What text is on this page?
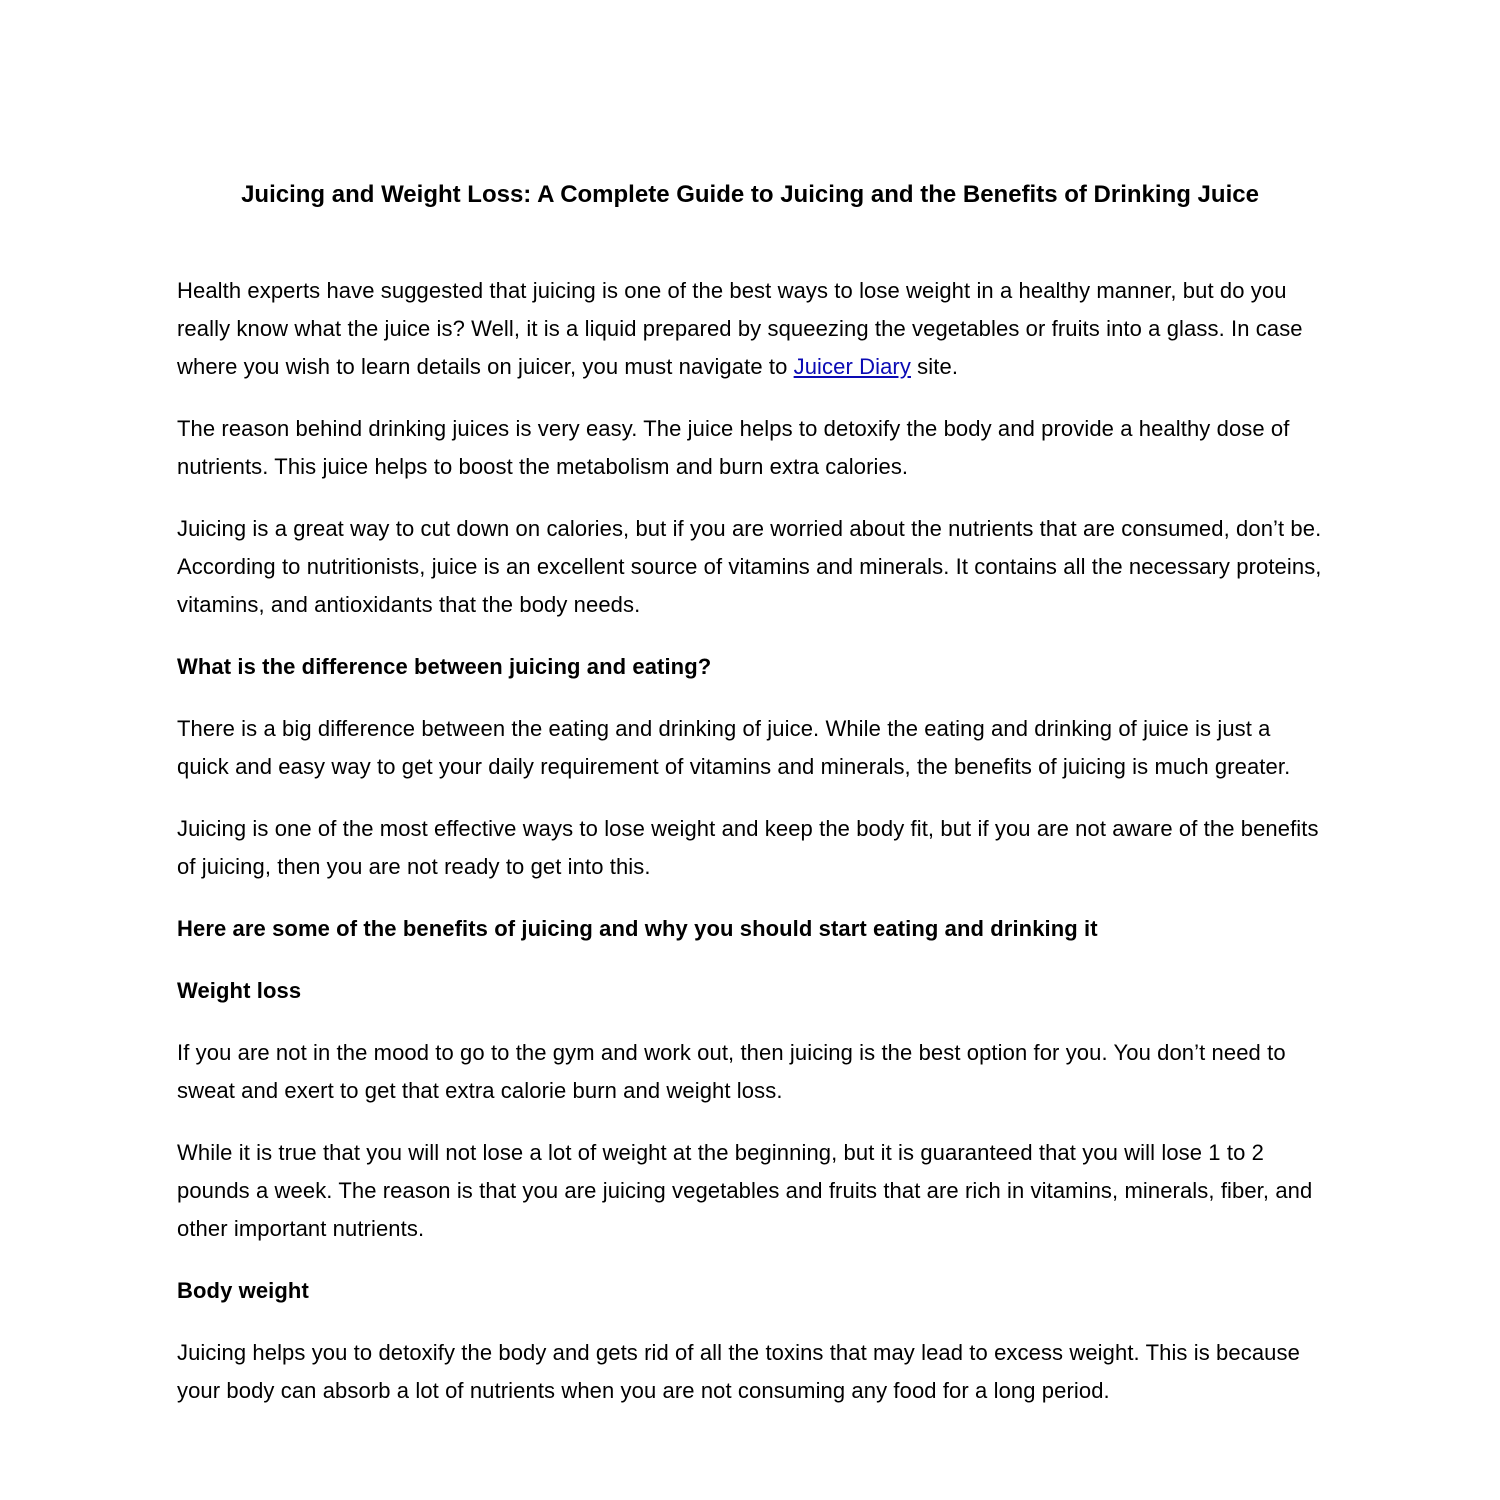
Juicing and Weight Loss: A Complete Guide to Juicing and the Benefits of Drinking Juice

Health experts have suggested that juicing is one of the best ways to lose weight in a healthy manner, but do you really know what the juice is? Well, it is a liquid prepared by squeezing the vegetables or fruits into a glass. In case where you wish to learn details on juicer, you must navigate to Juicer Diary site.

The reason behind drinking juices is very easy. The juice helps to detoxify the body and provide a healthy dose of nutrients. This juice helps to boost the metabolism and burn extra calories.

Juicing is a great way to cut down on calories, but if you are worried about the nutrients that are consumed, don’t be. According to nutritionists, juice is an excellent source of vitamins and minerals. It contains all the necessary proteins, vitamins, and antioxidants that the body needs.

What is the difference between juicing and eating?

There is a big difference between the eating and drinking of juice. While the eating and drinking of juice is just a quick and easy way to get your daily requirement of vitamins and minerals, the benefits of juicing is much greater.

Juicing is one of the most effective ways to lose weight and keep the body fit, but if you are not aware of the benefits of juicing, then you are not ready to get into this.

Here are some of the benefits of juicing and why you should start eating and drinking it

Weight loss

If you are not in the mood to go to the gym and work out, then juicing is the best option for you. You don’t need to sweat and exert to get that extra calorie burn and weight loss.

While it is true that you will not lose a lot of weight at the beginning, but it is guaranteed that you will lose 1 to 2 pounds a week. The reason is that you are juicing vegetables and fruits that are rich in vitamins, minerals, fiber, and other important nutrients.

Body weight

Juicing helps you to detoxify the body and gets rid of all the toxins that may lead to excess weight. This is because your body can absorb a lot of nutrients when you are not consuming any food for a long period.
